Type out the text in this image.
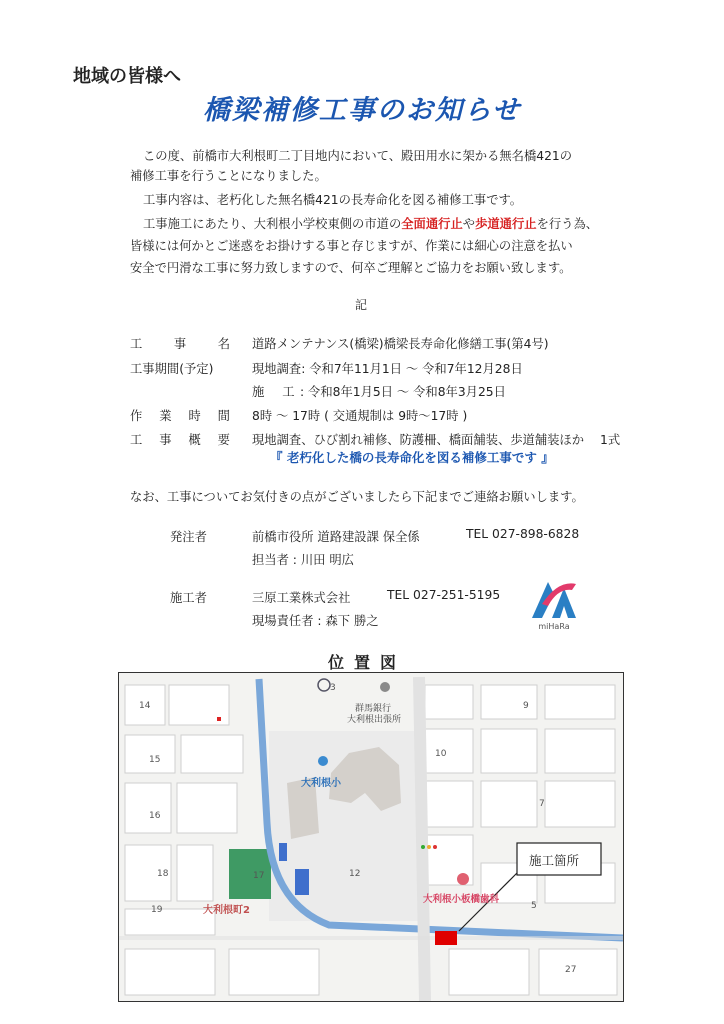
地域の皆様へ
橋梁補修工事のお知らせ
この度、前橋市大利根町二丁目地内において、殿田用水に架かる無名橋421の
補修工事を行うことになりました。
工事内容は、老朽化した無名橋421の長寿命化を図る補修工事です。
工事施工にあたり、大利根小学校東側の市道の全面通行止や歩道通行止を行う為、
皆様には何かとご迷惑をお掛けする事と存じますが、作業には細心の注意を払い
安全で円滑な工事に努力致しますので、何卒ご理解とご協力をお願い致します。
記
工	事	名 道路メンテナンス(橋梁)橋梁長寿命化修繕工事(第4号)
工事期間(予定)	現地調査: 令和7年11月1日 ～ 令和7年12月28日
施工: 令和8年1月5日 ～ 令和8年3月25日
作 業 時 間 8時 ～ 17時 ( 交通規制は 9時～17時 )
工 事 概 要 現地調査、ひび割れ補修、防護柵、橋面舗装、歩道舗装ほか 1式
『 老朽化した橋の長寿命化を図る補修工事です 』
なお、工事についてお気付きの点がございましたら下記までご連絡お願いします。
発注者	前橋市役所 道路建設課 保全係	TEL 027-898-6828
担当者 : 川田 明広
施工者	三原工業株式会社	TEL 027-251-5195
現場責任者 : 森下 勝之	miHaRa
位置図
群馬銀行
大利根出張所
大利根小
大利根小板橋歯科
大利根町2
施工箇所
14
3
9
15
10
16
7
12
18	17
5
19
27
